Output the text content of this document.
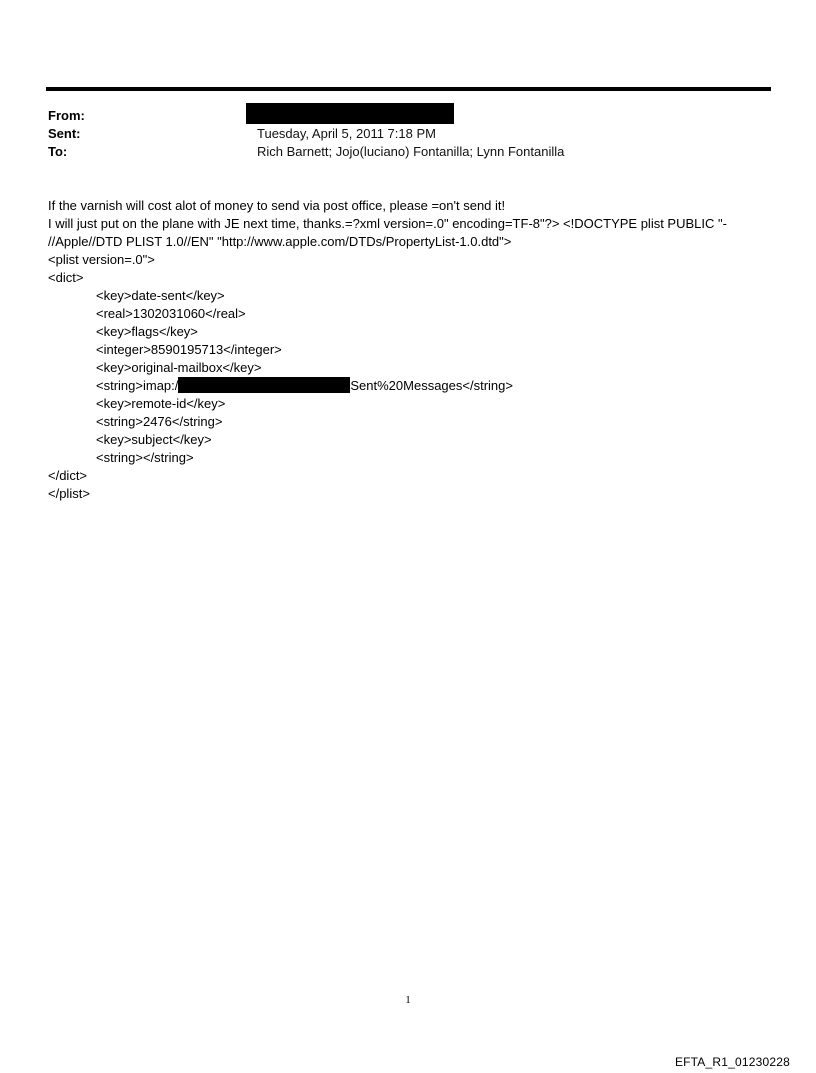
From:
Sent:	Tuesday, April 5, 2011 7:18 PM
To:	Rich Barnett; Jojo(luciano) Fontanilla; Lynn Fontanilla
If the varnish will cost alot of money to send via post office, please =on't send it!
I will just put on the plane with JE next time, thanks.=?xml version=.0" encoding=TF-8"?> <!DOCTYPE plist PUBLIC "-
//Apple//DTD PLIST 1.0//EN" "http://www.apple.com/DTDs/PropertyList-1.0.dtd">
<plist version=.0">
<dict>
<key>date-sent</key>
<real>1302031060</real>
<key>flags</key>
<integer>8590195713</integer>
<key>original-mailbox</key>
<string>imap:/	Sent%20Messages</string>
<key>remote-id</key>
<string>2476</string>
<key>subject</key>
<string></string>
</dict>
</plist>
1
EFTA_R1_01230228
